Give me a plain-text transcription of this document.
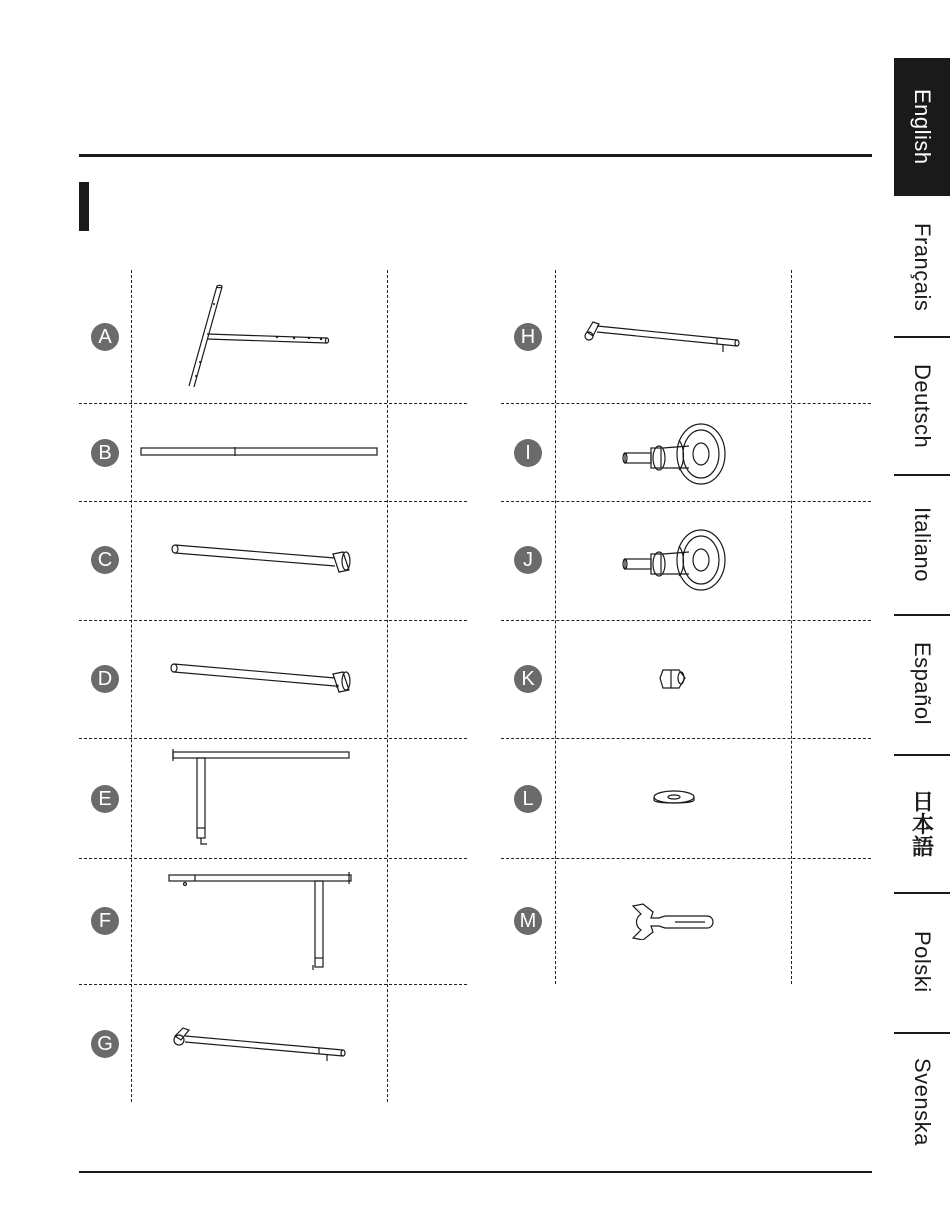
A
B
C
D
E
F
G
H
I
J
K
L
M
English
Français
Deutsch
Italiano
Español
日本語
Polski
Svenska
